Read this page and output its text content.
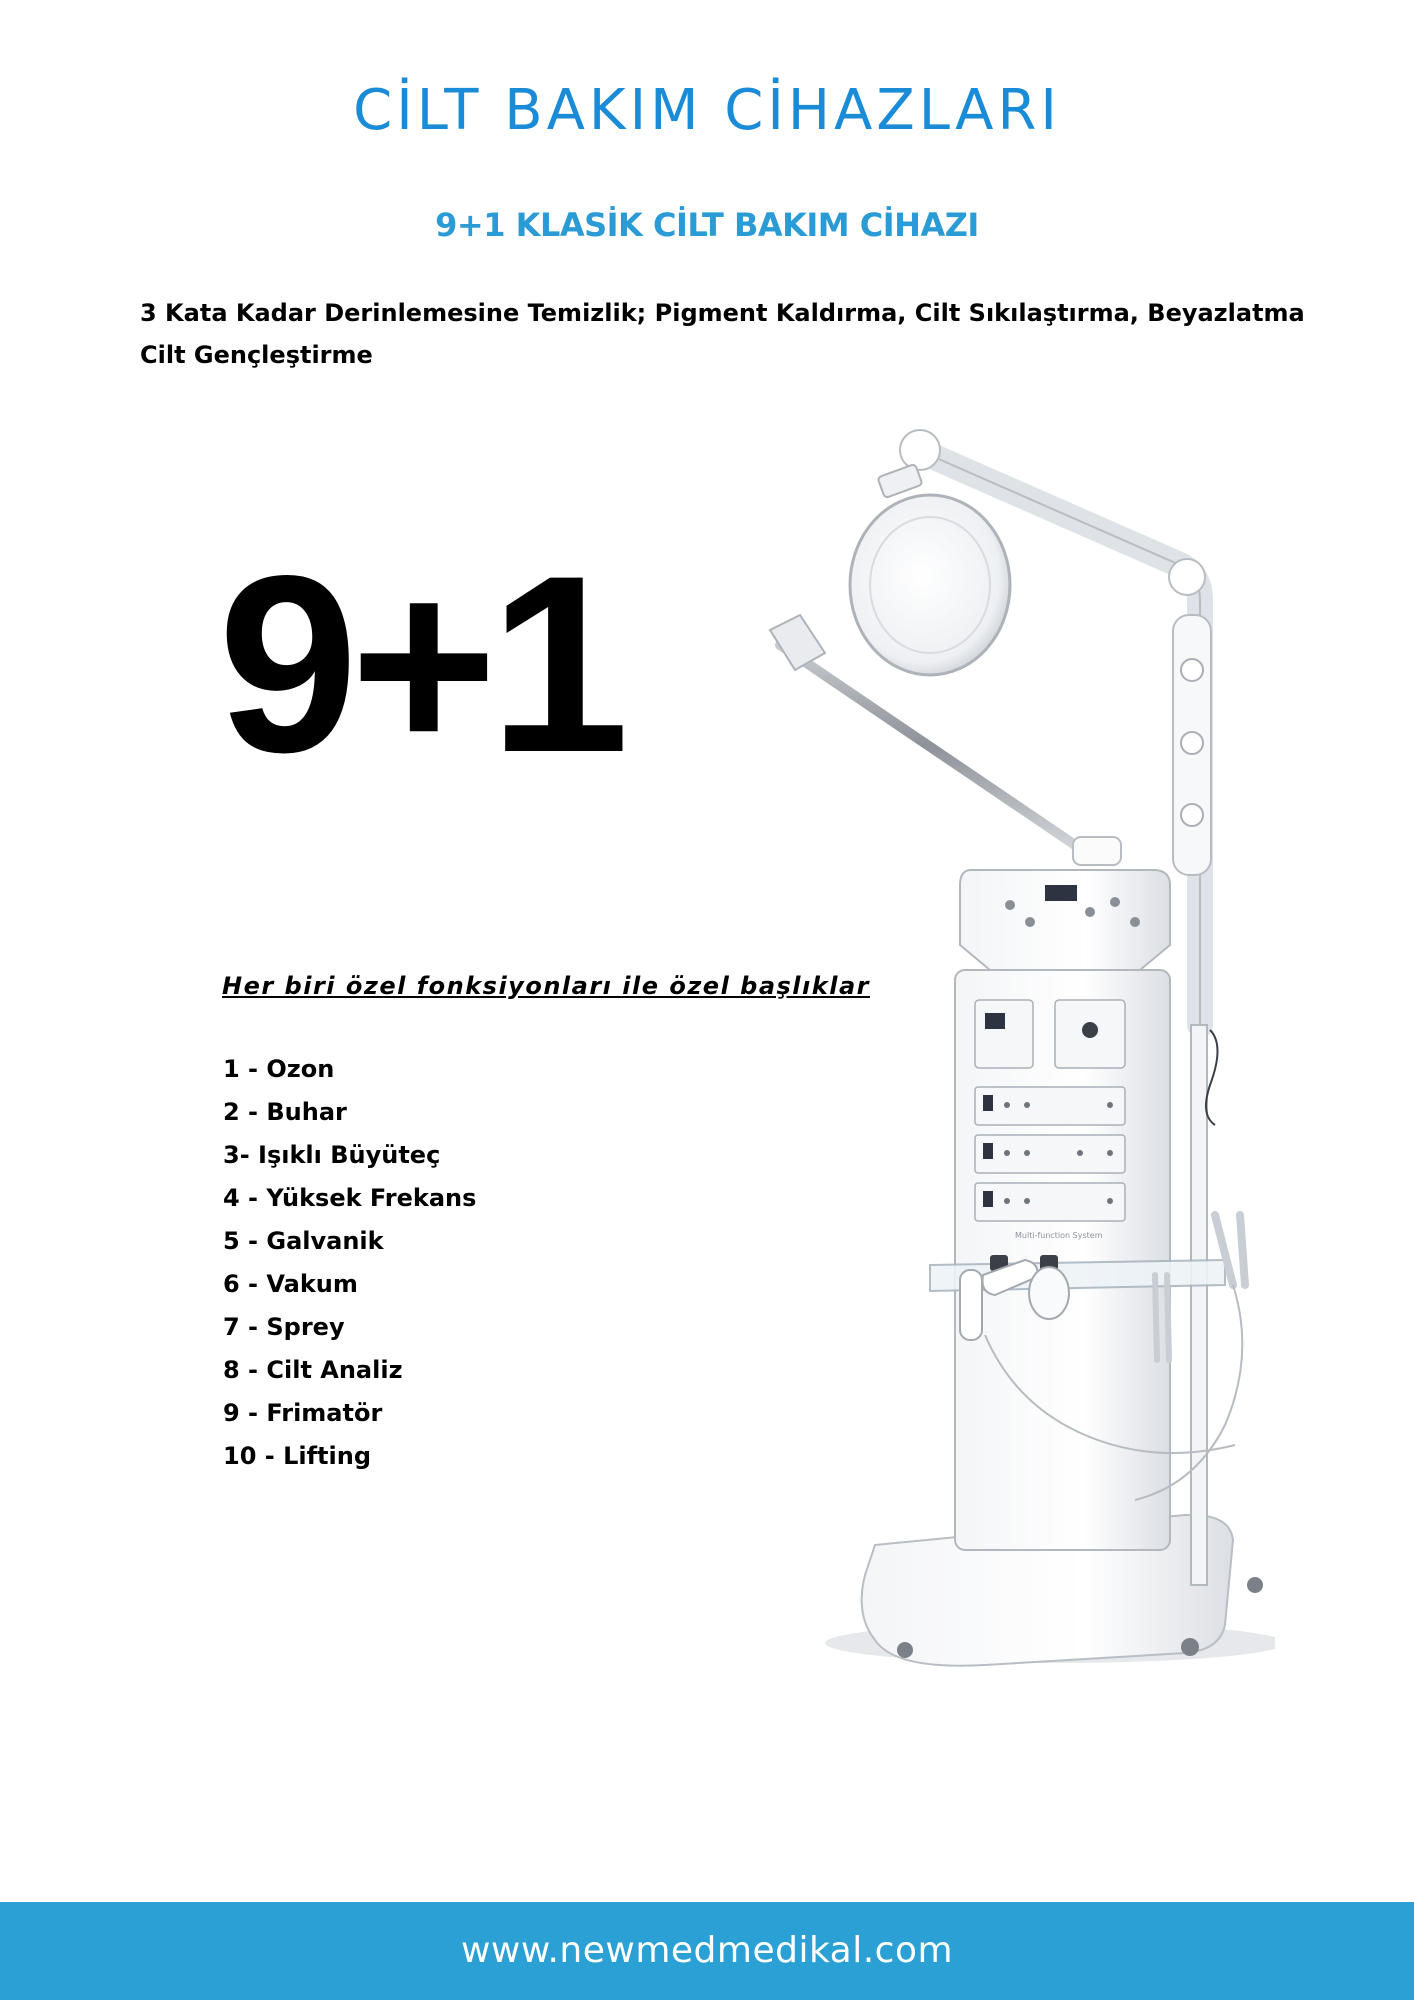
CİLT BAKIM CİHAZLARI
9+1 KLASİK CİLT BAKIM CİHAZI
3 Kata Kadar Derinlemesine Temizlik; Pigment Kaldırma, Cilt Sıkılaştırma, Beyazlatma
Cilt Gençleştirme
9+1
Her biri özel fonksiyonları ile özel başlıklar
1 - Ozon
2 - Buhar
3- Işıklı Büyüteç
4 - Yüksek Frekans
5 - Galvanik
6 - Vakum
7 - Sprey
8 - Cilt Analiz
9 - Frimatör
10 - Lifting
Multi-function System
www.newmedmedikal.com
